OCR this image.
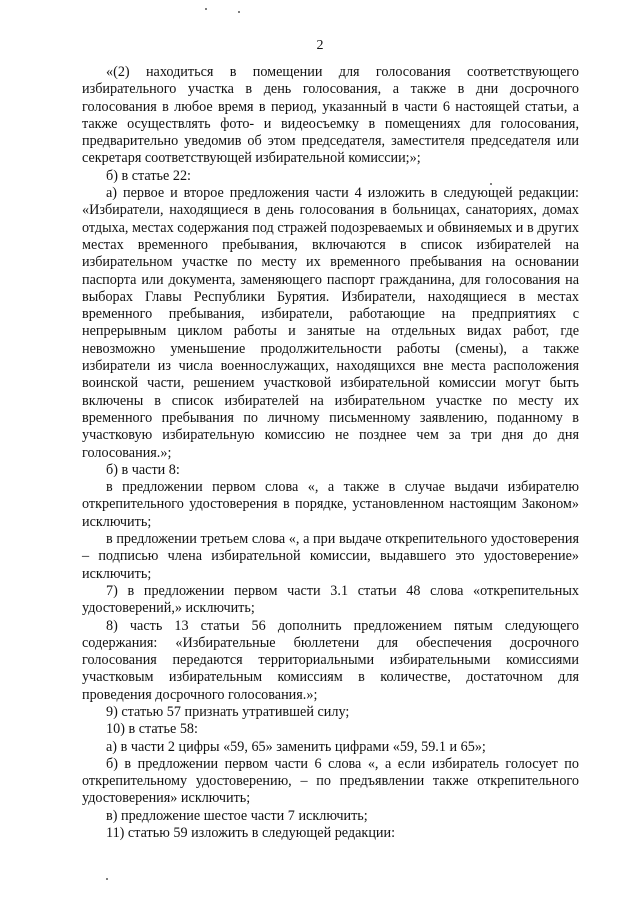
2

«(2) находиться в помещении для голосования соответствующего избирательного участка в день голосования, а также в дни досрочного голосования в любое время в период, указанный в части 6 настоящей статьи, а также осуществлять фото- и видеосъемку в помещениях для голосования, предварительно уведомив об этом председателя, заместителя председателя или секретаря соответствующей избирательной комиссии;»;

б) в статье 22:

а) первое и второе предложения части 4 изложить в следующей редакции: «Избиратели, находящиеся в день голосования в больницах, санаториях, домах отдыха, местах содержания под стражей подозреваемых и обвиняемых и в других местах временного пребывания, включаются в список избирателей на избирательном участке по месту их временного пребывания на основании паспорта или документа, заменяющего паспорт гражданина, для голосования на выборах Главы Республики Бурятия. Избиратели, находящиеся в местах временного пребывания, избиратели, работающие на предприятиях с непрерывным циклом работы и занятые на отдельных видах работ, где невозможно уменьшение продолжительности работы (смены), а также избиратели из числа военнослужащих, находящихся вне места расположения воинской части, решением участковой избирательной комиссии могут быть включены в список избирателей на избирательном участке по месту их временного пребывания по личному письменному заявлению, поданному в участковую избирательную комиссию не позднее чем за три дня до дня голосования.»;

б) в части 8:

в предложении первом слова «, а также в случае выдачи избирателю открепительного удостоверения в порядке, установленном настоящим Законом» исключить;

в предложении третьем слова «, а при выдаче открепительного удостоверения – подписью члена избирательной комиссии, выдавшего это удостоверение» исключить;

7) в предложении первом части 3.1 статьи 48 слова «открепительных удостоверений,» исключить;

8) часть 13 статьи 56 дополнить предложением пятым следующего содержания: «Избирательные бюллетени для обеспечения досрочного голосования передаются территориальными избирательными комиссиями участковым избирательным комиссиям в количестве, достаточном для проведения досрочного голосования.»;

9) статью 57 признать утратившей силу;

10) в статье 58:

а) в части 2 цифры «59, 65» заменить цифрами «59, 59.1 и 65»;

б) в предложении первом части 6 слова «, а если избиратель голосует по открепительному удостоверению, – по предъявлении также открепительного удостоверения» исключить;

в) предложение шестое части 7 исключить;

11) статью 59 изложить в следующей редакции:
